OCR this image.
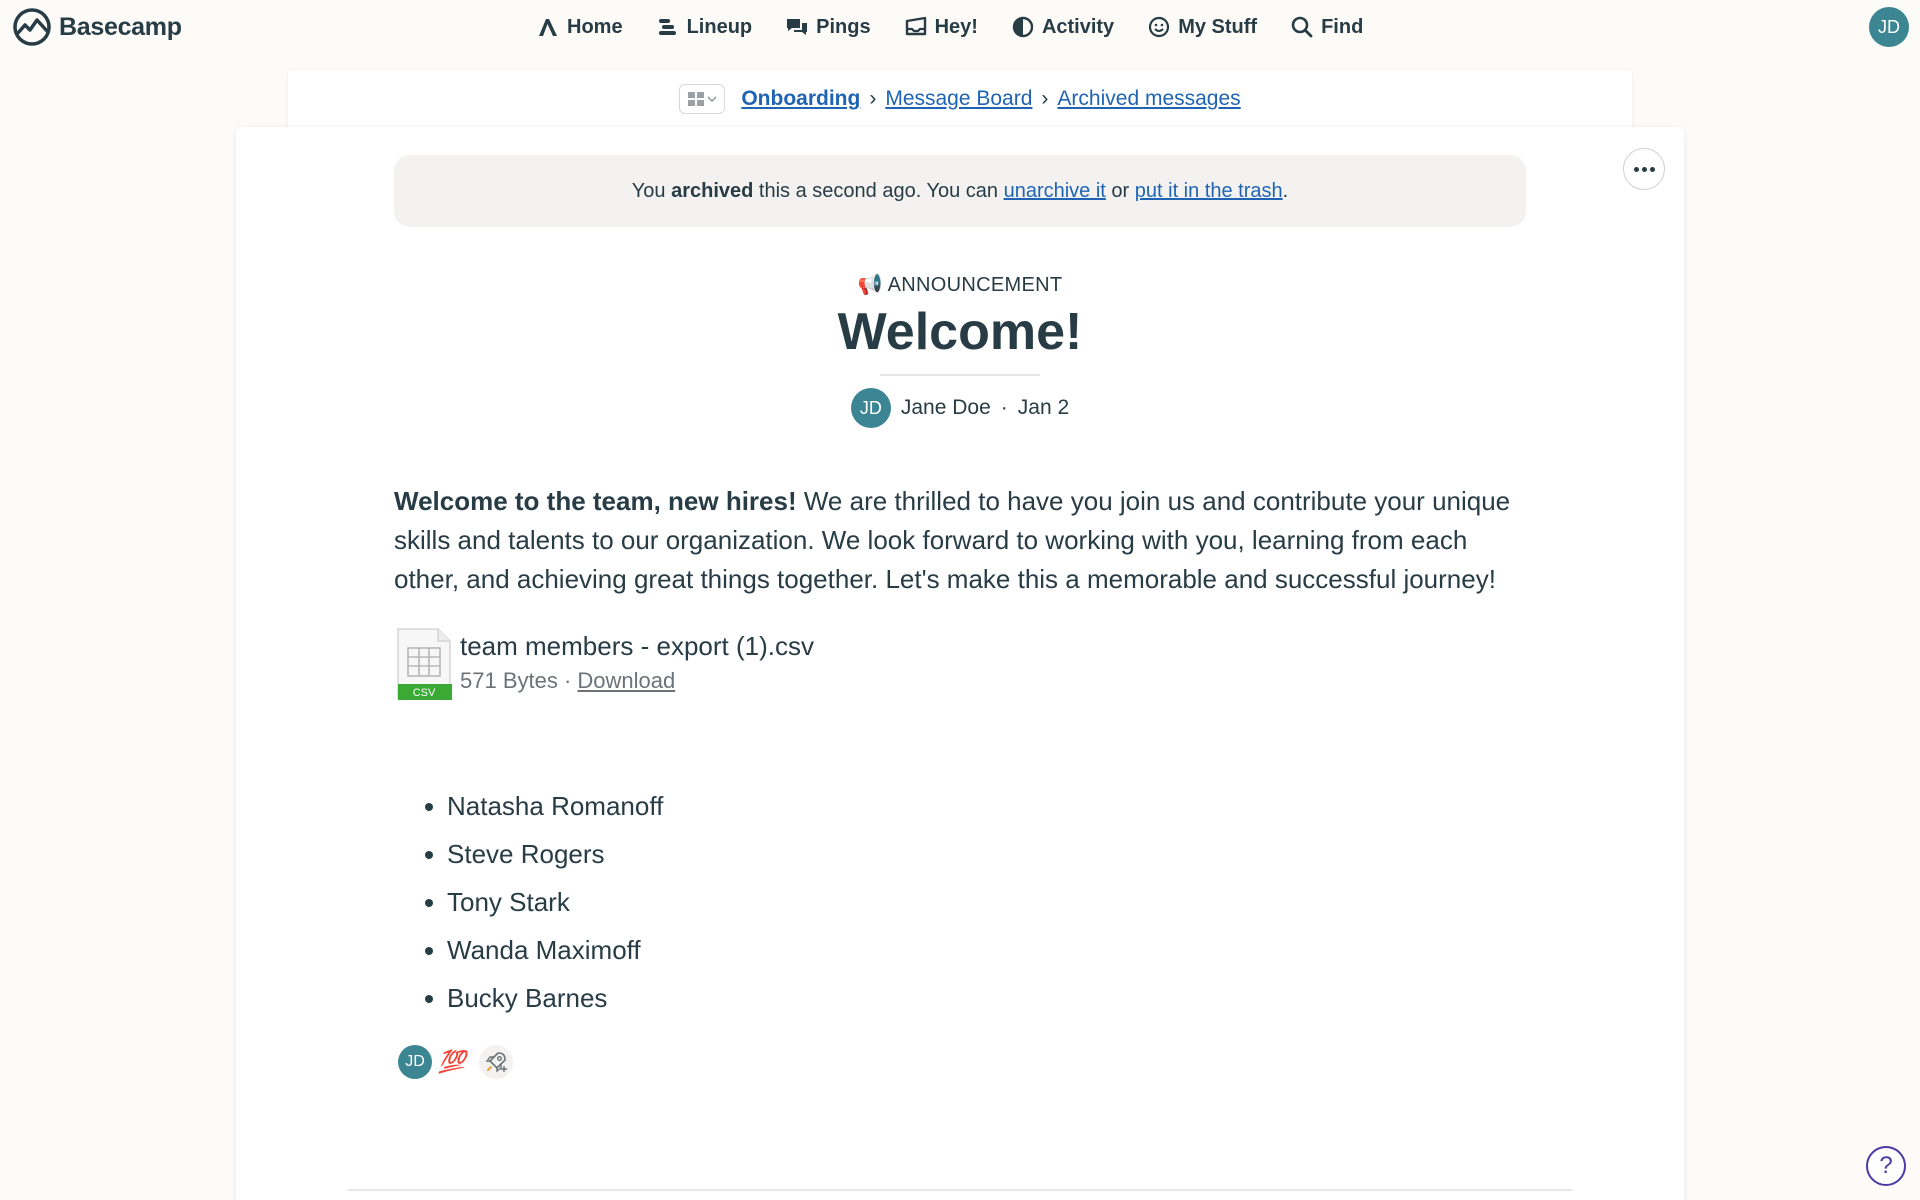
Basecamp	Home	Lineup	Pings	Hey!	Activity	My Stuff	Find	JD
Onboarding › Message Board › Archived messages
You archived this a second ago. You can unarchive it or put it in the trash .
📢 ANNOUNCEMENT
Welcome!
JD Jane Doe · Jan 2
Welcome to the team, new hires! We are thrilled to have you join us and contribute your unique skills and talents to our organization. We look forward to working with you, learning from each other, and achieving great things together. Let's make this a memorable and successful journey!
CSV
team members - export (1).csv
571 Bytes · Download
Natasha Romanoff
Steve Rogers
Tony Stark
Wanda Maximoff
Bucky Barnes
JD 💯
?
